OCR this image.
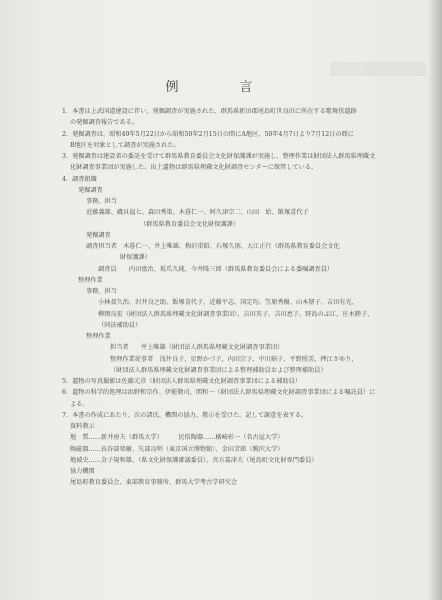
例　言
1．本書は上武国道建設に伴い、発掘調査が実施された、群馬県新田郡尾島町世良田に所在する歌舞伎遺跡
の発掘調査報告である。
2．発掘調査は、昭和49年5月22日から昭和50年2月15日の間にA地区、50年4月7日より7月12日の間に
B地区を対象として調査が実施された。
3．発掘調査は建設省の委託を受けて群馬県教育委員会文化財保護課が実施し、整理作業は財団法人群馬県埋蔵文
化財調査事業団が実施した。出土遺物は群馬県埋蔵文化財調査センターに保管している。
4．調査組織
発掘調査
事務、担当
近藤義雄、磯貝福七、森田秀策、木暮仁一、阿久津宗二、山田　始、飯塚喜代子
（群馬県教育委員会文化財保護課）
発掘調査
調査担当者　木暮仁一、井上唯雄、梅沢重昭、石塚久則、大江正行（群馬県教育委員会文化
財保護課）
調査員　　内田富治、坂爪久純、今井隆三郎（群馬県教育委員会による委嘱調査員）
整理作業
事務、担当
小林叔久治、沢井良之助、飯塚喜代子、近藤平志、国定均、笠原秀樹、山本朋子、吉田有光、
柳岡良宏（財団法人群馬県埋蔵文化財調査事業団）、吉田英子、吉田恵子、野島のぶ江、庄木睦子、
（同法補助員）
整理作業
担当者　　井上唯雄（財団法人群馬県埋蔵文化財調査事業団）
整理作業従事者　浅井良子、星野かづ子、内田宗子、中川絹子、平野照美、押江さゆり、
（財団法人群馬県埋蔵文化財調査事業団による整理補助員および整理補助員）
5．遺物の写真撮影は佐藤元彦（財団法人群馬県埋蔵文化財調査事業団による補助員）
6．遺物の科学的処理は浜野和宗作、伊能敬司、関和一（財団法人群馬県埋蔵文化財調査事業団による嘱託員）に
よる。
7．本書の作成にあたり、次の諸氏、機関の協力、教示を受けた。記して謝意を表する。
資料教示
地　質……新井房夫（群馬大学）　　　民俗陶器……楢崎彰一（名古屋大学）
陶磁器……長谷部楽爾、矢部良明（東京国立博物館）、金田芳郎（駒沢大学）
地域史……金子規和雄、（県文化財保護審議委員）、宮方嘉津夫（尾島町文化財専門委員）
協力機関
尾島町教育委員会、東部教育事務所、群馬大学考古学研究会
